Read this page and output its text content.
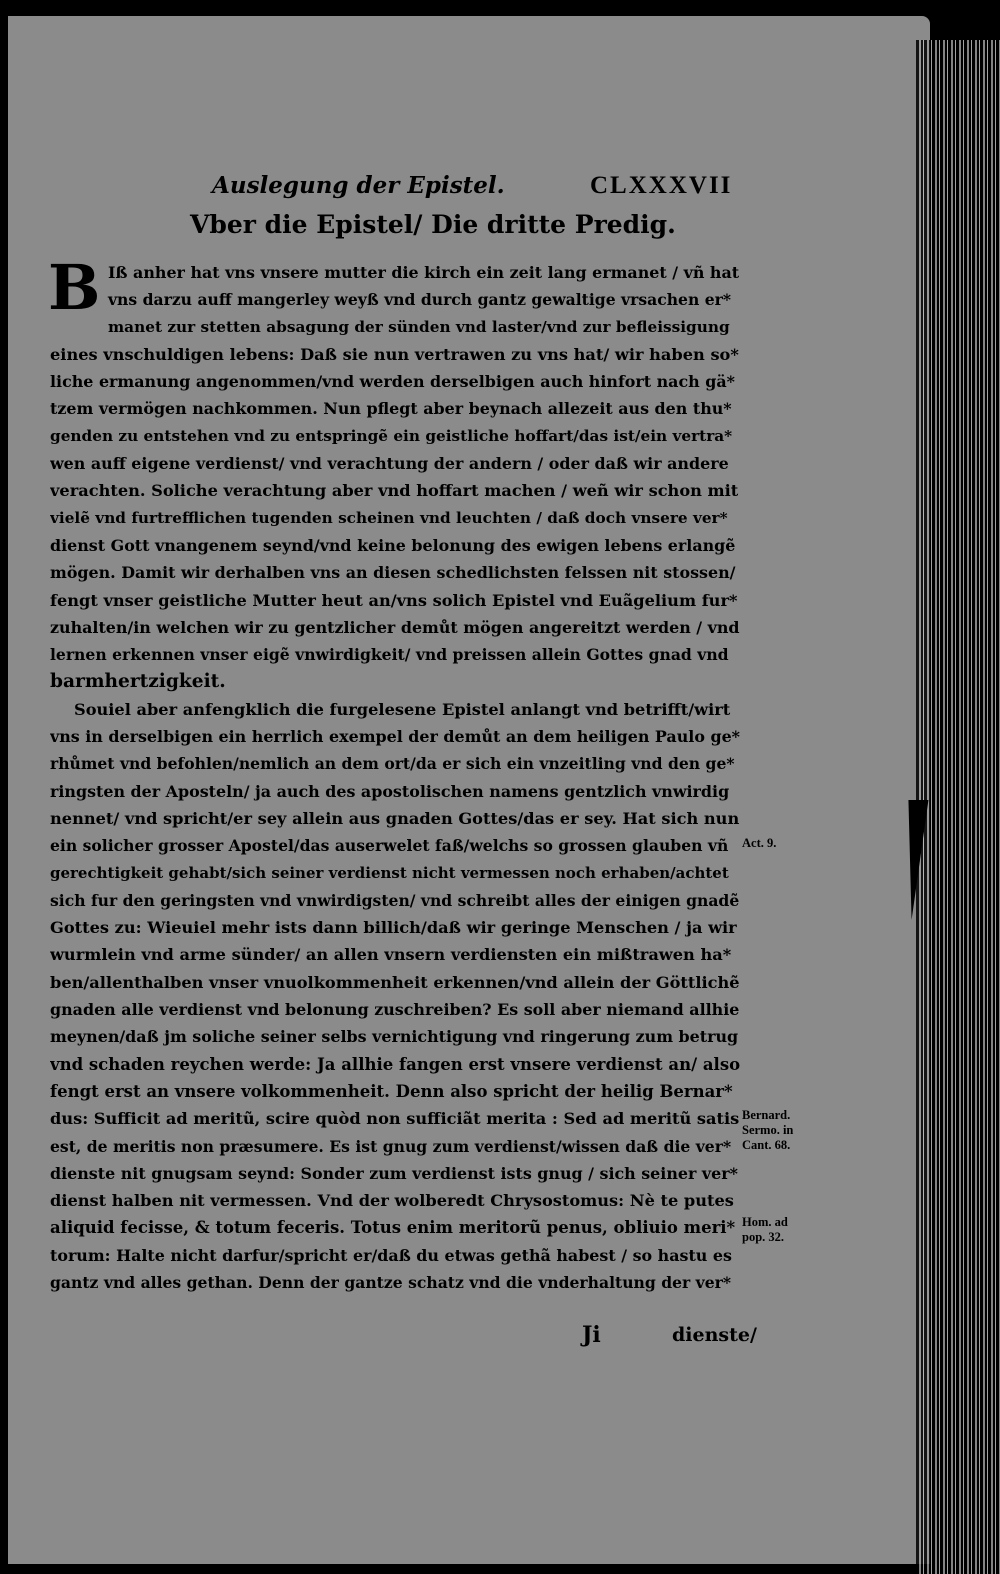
Auslegung der Epistel.	CLXXXVII
Vber die Epistel/ Die dritte Predig.
B Iß anher hat vns vnsere mutter die kirch ein zeit lang ermanet / vñ hat
vns darzu auff mangerley weyß vnd durch gantz gewaltige vrsachen er*
manet zur stetten absagung der sünden vnd laster/vnd zur befleissigung
eines vnschuldigen lebens: Daß sie nun vertrawen zu vns hat/ wir haben so*
liche ermanung angenommen/vnd werden derselbigen auch hinfort nach gä*
tzem vermögen nachkommen. Nun pflegt aber beynach allezeit aus den thu*
genden zu entstehen vnd zu entspringẽ ein geistliche hoffart/das ist/ein vertra*
wen auff eigene verdienst/ vnd verachtung der andern / oder daß wir andere
verachten. Soliche verachtung aber vnd hoffart machen / weñ wir schon mit
vielẽ vnd furtrefflichen tugenden scheinen vnd leuchten / daß doch vnsere ver*
dienst Gott vnangenem seynd/vnd keine belonung des ewigen lebens erlangẽ
mögen. Damit wir derhalben vns an diesen schedlichsten felssen nit stossen/
fengt vnser geistliche Mutter heut an/vns solich Epistel vnd Euãgelium fur*
zuhalten/in welchen wir zu gentzlicher demůt mögen angereitzt werden / vnd
lernen erkennen vnser eigẽ vnwirdigkeit/ vnd preissen allein Gottes gnad vnd
barmhertzigkeit.
Souiel aber anfengklich die furgelesene Epistel anlangt vnd betrifft/wirt
vns in derselbigen ein herrlich exempel der demůt an dem heiligen Paulo ge*
rhůmet vnd befohlen/nemlich an dem ort/da er sich ein vnzeitling vnd den ge*
ringsten der Aposteln/ ja auch des apostolischen namens gentzlich vnwirdig
nennet/ vnd spricht/er sey allein aus gnaden Gottes/das er sey. Hat sich nun
ein solicher grosser Apostel/das auserwelet faß/welchs so grossen glauben vñ
gerechtigkeit gehabt/sich seiner verdienst nicht vermessen noch erhaben/achtet
sich fur den geringsten vnd vnwirdigsten/ vnd schreibt alles der einigen gnadẽ
Gottes zu: Wieuiel mehr ists dann billich/daß wir geringe Menschen / ja wir
wurmlein vnd arme sünder/ an allen vnsern verdiensten ein mißtrawen ha*
ben/allenthalben vnser vnuolkommenheit erkennen/vnd allein der Göttlichẽ
gnaden alle verdienst vnd belonung zuschreiben? Es soll aber niemand allhie
meynen/daß jm soliche seiner selbs vernichtigung vnd ringerung zum betrug
vnd schaden reychen werde: Ja allhie fangen erst vnsere verdienst an/ also
fengt erst an vnsere volkommenheit. Denn also spricht der heilig Bernar*
dus: Sufficit ad meritũ, scire quòd non sufficiãt merita : Sed ad meritũ satis
est, de meritis non præsumere. Es ist gnug zum verdienst/wissen daß die ver*
dienste nit gnugsam seynd: Sonder zum verdienst ists gnug / sich seiner ver*
dienst halben nit vermessen. Vnd der wolberedt Chrysostomus: Nè te putes
aliquid fecisse, & totum feceris. Totus enim meritorũ penus, obliuio meri*
torum: Halte nicht darfur/spricht er/daß du etwas gethã habest / so hastu es
gantz vnd alles gethan. Denn der gantze schatz vnd die vnderhaltung der ver*
Act. 9.
Bernard.
Sermo. in
Cant. 68.
Hom. ad
pop. 32.
Ji	dienste/
